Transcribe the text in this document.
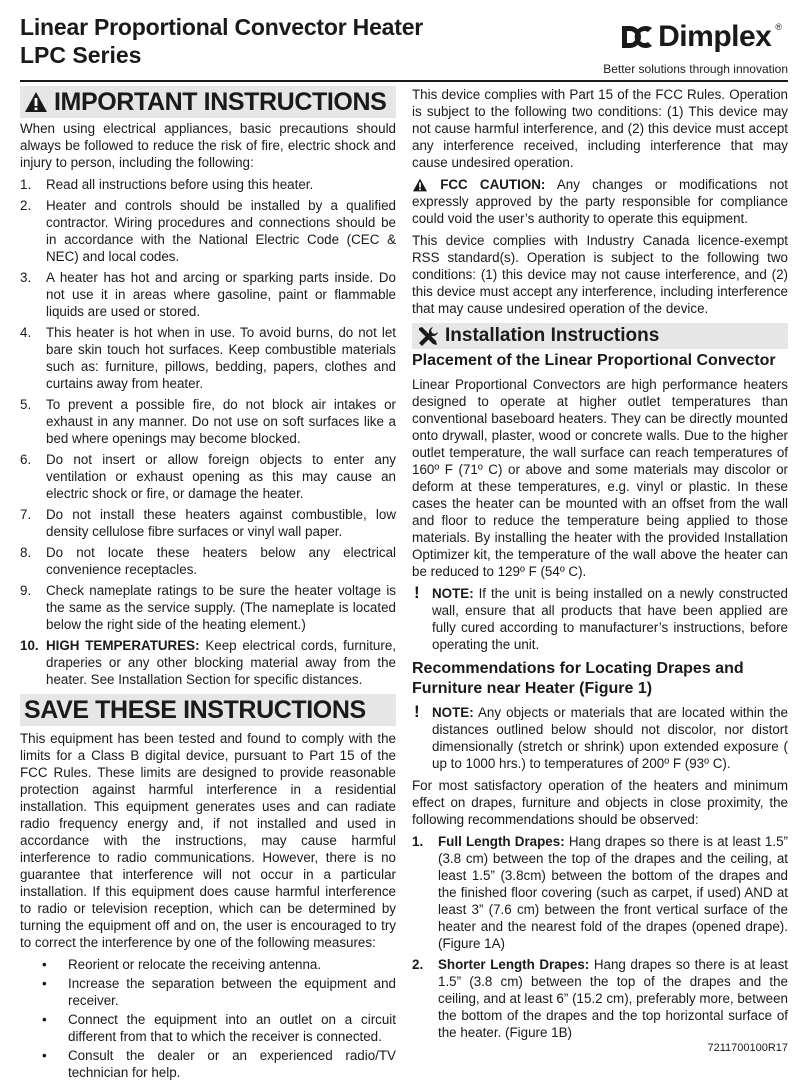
Linear Proportional Convector Heater
LPC Series
Dimplex ®
Better solutions through innovation
IMPORTANT INSTRUCTIONS

When using electrical appliances, basic precautions should always be followed to reduce the risk of fire, electric shock and injury to person, including the following:

1. Read all instructions before using this heater.
2. Heater and controls should be installed by a qualified contractor. Wiring procedures and connections should be in accordance with the National Electric Code (CEC & NEC) and local codes.
3. A heater has hot and arcing or sparking parts inside. Do not use it in areas where gasoline, paint or flammable liquids are used or stored.
4. This heater is hot when in use. To avoid burns, do not let bare skin touch hot surfaces. Keep combustible materials such as: furniture, pillows, bedding, papers, clothes and curtains away from heater.
5. To prevent a possible fire, do not block air intakes or exhaust in any manner. Do not use on soft surfaces like a bed where openings may become blocked.
6. Do not insert or allow foreign objects to enter any ventilation or exhaust opening as this may cause an electric shock or fire, or damage the heater.
7. Do not install these heaters against combustible, low density cellulose fibre surfaces or vinyl wall paper.
8. Do not locate these heaters below any electrical convenience receptacles.
9. Check nameplate ratings to be sure the heater voltage is the same as the service supply. (The nameplate is located below the right side of the heating element.)
10. HIGH TEMPERATURES: Keep electrical cords, furniture, draperies or any other blocking material away from the heater. See Installation Section for specific distances.
SAVE THESE INSTRUCTIONS

This equipment has been tested and found to comply with the limits for a Class B digital device, pursuant to Part 15 of the FCC Rules. These limits are designed to provide reasonable protection against harmful interference in a residential installation. This equipment generates uses and can radiate radio frequency energy and, if not installed and used in accordance with the instructions, may cause harmful interference to radio communications. However, there is no guarantee that interference will not occur in a particular installation. If this equipment does cause harmful interference to radio or television reception, which can be determined by turning the equipment off and on, the user is encouraged to try to correct the interference by one of the following measures:

• Reorient or relocate the receiving antenna.
• Increase the separation between the equipment and receiver.
• Connect the equipment into an outlet on a circuit different from that to which the receiver is connected.
• Consult the dealer or an experienced radio/TV technician for help.

This device complies with Part 15 of the FCC Rules. Operation is subject to the following two conditions: (1) This device may not cause harmful interference, and (2) this device must accept any interference received, including interference that may cause undesired operation.

FCC CAUTION: Any changes or modifications not expressly approved by the party responsible for compliance could void the user’s authority to operate this equipment.

This device complies with Industry Canada licence-exempt RSS standard(s). Operation is subject to the following two conditions: (1) this device may not cause interference, and (2) this device must accept any interference, including interference that may cause undesired operation of the device.

Installation Instructions
Placement of the Linear Proportional Convector

Linear Proportional Convectors are high performance heaters designed to operate at higher outlet temperatures than conventional baseboard heaters. They can be directly mounted onto drywall, plaster, wood or concrete walls. Due to the higher outlet temperature, the wall surface can reach temperatures of 160º F (71º C) or above and some materials may discolor or deform at these temperatures, e.g. vinyl or plastic. In these cases the heater can be mounted with an offset from the wall and floor to reduce the temperature being applied to those materials. By installing the heater with the provided Installation Optimizer kit, the temperature of the wall above the heater can be reduced to 129º F (54º C).

! NOTE: If the unit is being installed on a newly constructed wall, ensure that all products that have been applied are fully cured according to manufacturer’s instructions, before operating the unit.
Recommendations for Locating Drapes and Furniture near Heater (Figure 1)
! NOTE: Any objects or materials that are located within the distances outlined below should not discolor, nor distort dimensionally (stretch or shrink) upon extended exposure ( up to 1000 hrs.) to temperatures of 200º F (93º C).

For most satisfactory operation of the heaters and minimum effect on drapes, furniture and objects in close proximity, the following recommendations should be observed:

1. Full Length Drapes: Hang drapes so there is at least 1.5” (3.8 cm) between the top of the drapes and the ceiling, at least 1.5” (3.8cm) between the bottom of the drapes and the finished floor covering (such as carpet, if used) AND at least 3” (7.6 cm) between the front vertical surface of the heater and the nearest fold of the drapes (opened drape). (Figure 1A)
2. Shorter Length Drapes: Hang drapes so there is at least 1.5” (3.8 cm) between the top of the drapes and the ceiling, and at least 6” (15.2 cm), preferably more, between the bottom of the drapes and the top horizontal surface of the heater. (Figure 1B)
7211700100R17
